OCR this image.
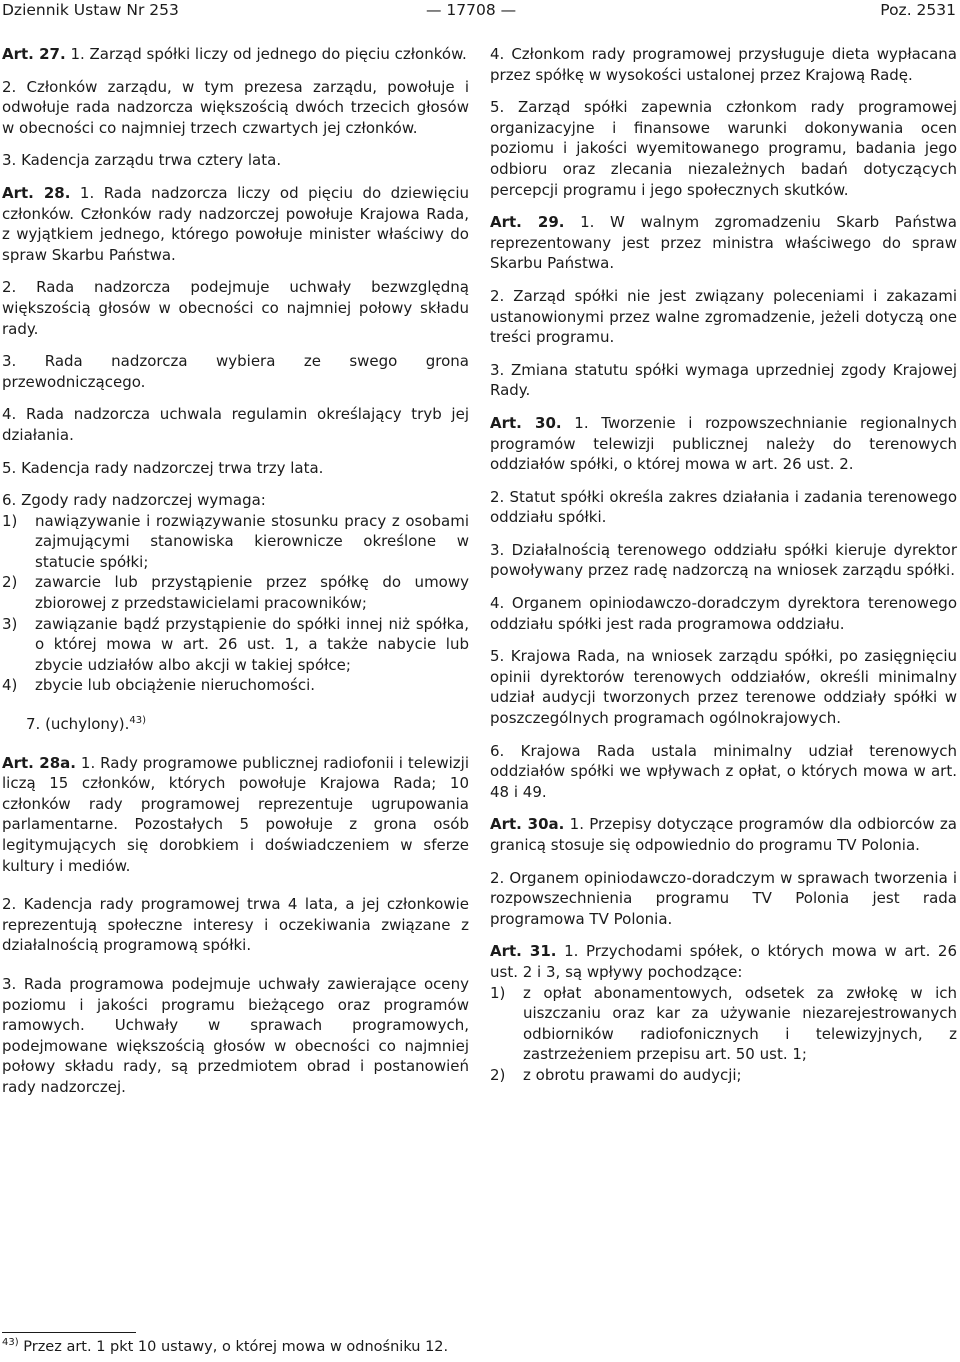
Dziennik Ustaw Nr 253	— 17708 —	Poz. 2531

Art. 27. 1. Zarząd spółki liczy od jednego do pięciu członków.

2. Członków zarządu, w tym prezesa zarządu, powołuje i odwołuje rada nadzorcza większością dwóch trzecich głosów w obecności co najmniej trzech czwartych jej członków.

3. Kadencja zarządu trwa cztery lata.

Art. 28. 1. Rada nadzorcza liczy od pięciu do dziewięciu członków. Członków rady nadzorczej powołuje Krajowa Rada, z wyjątkiem jednego, którego powołuje minister właściwy do spraw Skarbu Państwa.

2. Rada nadzorcza podejmuje uchwały bezwzględną większością głosów w obecności co najmniej połowy składu rady.

3. Rada nadzorcza wybiera ze swego grona przewodniczącego.

4. Rada nadzorcza uchwala regulamin określający tryb jej działania.

5. Kadencja rady nadzorczej trwa trzy lata.

6. Zgody rady nadzorczej wymaga:

1)	nawiązywanie i rozwiązywanie stosunku pracy z osobami zajmującymi stanowiska kierownicze określone w statucie spółki;
2)	zawarcie lub przystąpienie przez spółkę do umowy zbiorowej z przedstawicielami pracowników;
3)	zawiązanie bądź przystąpienie do spółki innej niż spółka, o której mowa w art. 26 ust. 1, a także nabycie lub zbycie udziałów albo akcji w takiej spółce;
4)	zbycie lub obciążenie nieruchomości.

7. (uchylony).$^{43)}$

Art. 28a. 1. Rady programowe publicznej radiofonii i telewizji liczą 15 członków, których powołuje Krajowa Rada; 10 członków rady programowej reprezentuje ugrupowania parlamentarne. Pozostałych 5 powołuje z grona osób legitymujących się dorobkiem i doświadczeniem w sferze kultury i mediów.

2. Kadencja rady programowej trwa 4 lata, a jej członkowie reprezentują społeczne interesy i oczekiwania związane z działalnością programową spółki.

3. Rada programowa podejmuje uchwały zawierające oceny poziomu i jakości programu bieżącego oraz programów ramowych. Uchwały w sprawach programowych, podejmowane większością głosów w obecności co najmniej połowy składu rady, są przedmiotem obrad i postanowień rady nadzorczej.

$^{43)}$ Przez art. 1 pkt 10 ustawy, o której mowa w odnośniku 12.

4. Członkom rady programowej przysługuje dieta wypłacana przez spółkę w wysokości ustalonej przez Krajową Radę.

5. Zarząd spółki zapewnia członkom rady programowej organizacyjne i finansowe warunki dokonywania ocen poziomu i jakości wyemitowanego programu, badania jego odbioru oraz zlecania niezależnych badań dotyczących percepcji programu i jego społecznych skutków.

Art. 29. 1. W walnym zgromadzeniu Skarb Państwa reprezentowany jest przez ministra właściwego do spraw Skarbu Państwa.

2. Zarząd spółki nie jest związany poleceniami i zakazami ustanowionymi przez walne zgromadzenie, jeżeli dotyczą one treści programu.

3. Zmiana statutu spółki wymaga uprzedniej zgody Krajowej Rady.

Art. 30. 1. Tworzenie i rozpowszechnianie regionalnych programów telewizji publicznej należy do terenowych oddziałów spółki, o której mowa w art. 26 ust. 2.

2. Statut spółki określa zakres działania i zadania terenowego oddziału spółki.

3. Działalnością terenowego oddziału spółki kieruje dyrektor powoływany przez radę nadzorczą na wniosek zarządu spółki.

4. Organem opiniodawczo-doradczym dyrektora terenowego oddziału spółki jest rada programowa oddziału.

5. Krajowa Rada, na wniosek zarządu spółki, po zasięgnięciu opinii dyrektorów terenowych oddziałów, określi minimalny udział audycji tworzonych przez terenowe oddziały spółki w poszczególnych programach ogólnokrajowych.

6. Krajowa Rada ustala minimalny udział terenowych oddziałów spółki we wpływach z opłat, o których mowa w art. 48 i 49.

Art. 30a. 1. Przepisy dotyczące programów dla odbiorców za granicą stosuje się odpowiednio do programu TV Polonia.

2. Organem opiniodawczo-doradczym w sprawach tworzenia i rozpowszechnienia programu TV Polonia jest rada programowa TV Polonia.

Art. 31. 1. Przychodami spółek, o których mowa w art. 26 ust. 2 i 3, są wpływy pochodzące:

1)	z opłat abonamentowych, odsetek za zwłokę w ich uiszczaniu oraz kar za używanie niezarejestrowanych odbiorników radiofonicznych i telewizyjnych, z zastrzeżeniem przepisu art. 50 ust. 1;
2)	z obrotu prawami do audycji;
